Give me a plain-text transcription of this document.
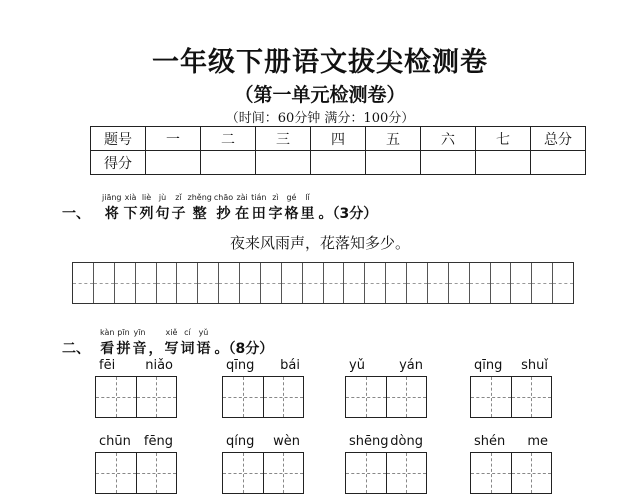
一年级下册语文拔尖检测卷
（第一单元检测卷）
（时间：60分钟 满分：100分）
题号	一	二	三	四	五	六	七	总分
得分								
一、
jiāng
将
xià
下
liè
列
jù
句
zǐ
子
zhěng
整
chāo
抄
zài
在
tián
田
zì
字
gé
格
lǐ
里 。（3分）
夜来风雨声，花落知多少。
二、
kàn
看
pīn
拼
yīn
音 ，
xiě
写
cí
词
yǔ
语 。（8分）
fēi niǎo	qīng bái	yǔ	yán	qīng shuǐ
chūn fēng	qíng wèn	shēng dòng	shén me
